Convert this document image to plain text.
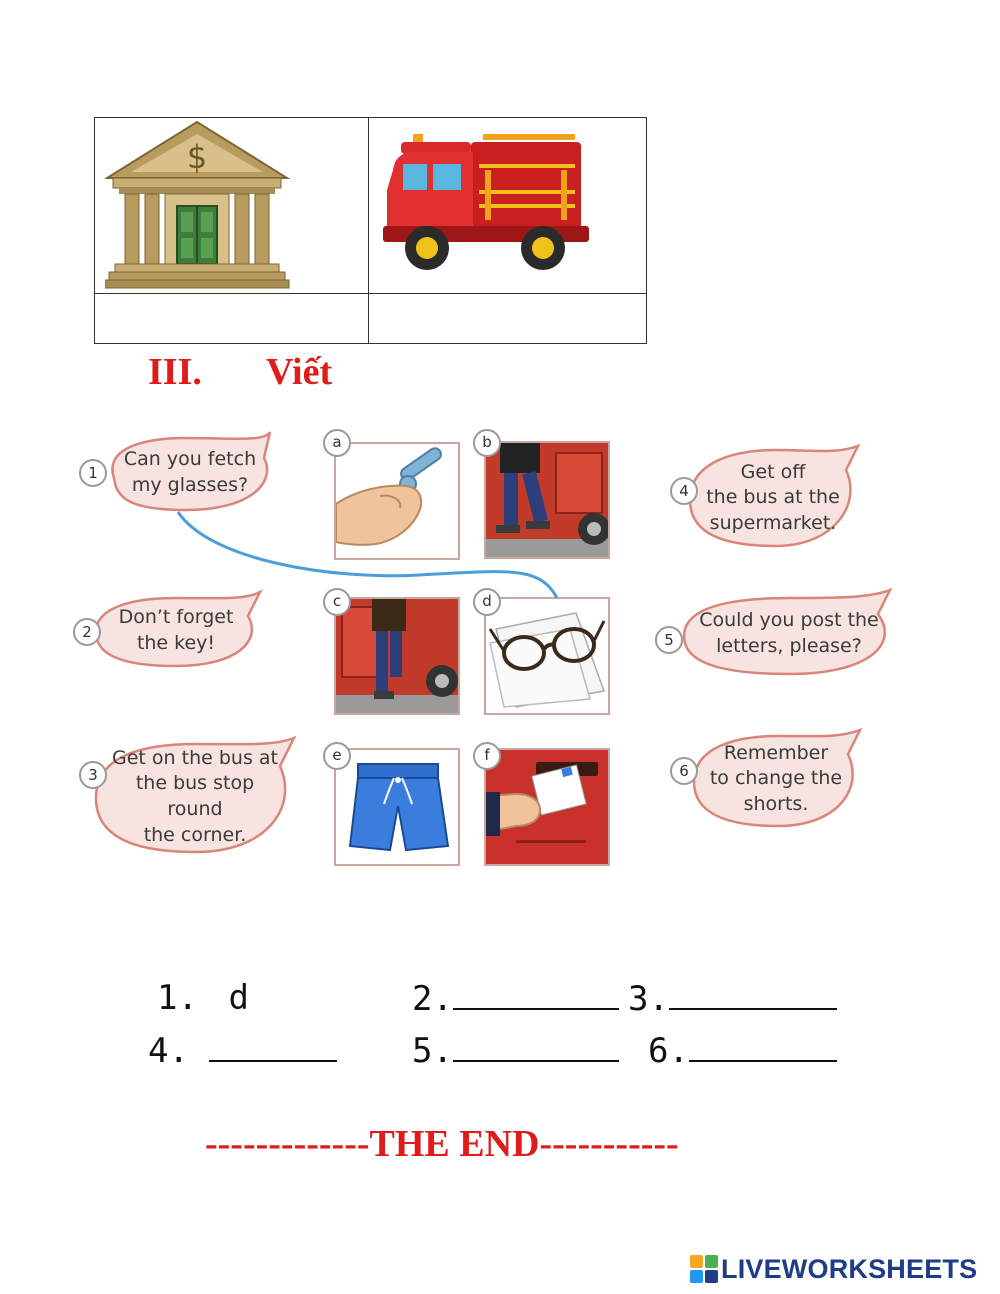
$
III. Viết
Can you fetch
my glasses?
1
Don’t forget
the key!
2
Get on the bus at
the bus stop round
the corner.
3
Get off
the bus at the
supermarket.
4
Could you post the
letters, please?
5
Remember
to change the
shorts.
6
a	b
c	d
e	f
1. d	2.	3.
4.	5.	6.
-------------THE END-----------
LIVEWORKSHEETS
